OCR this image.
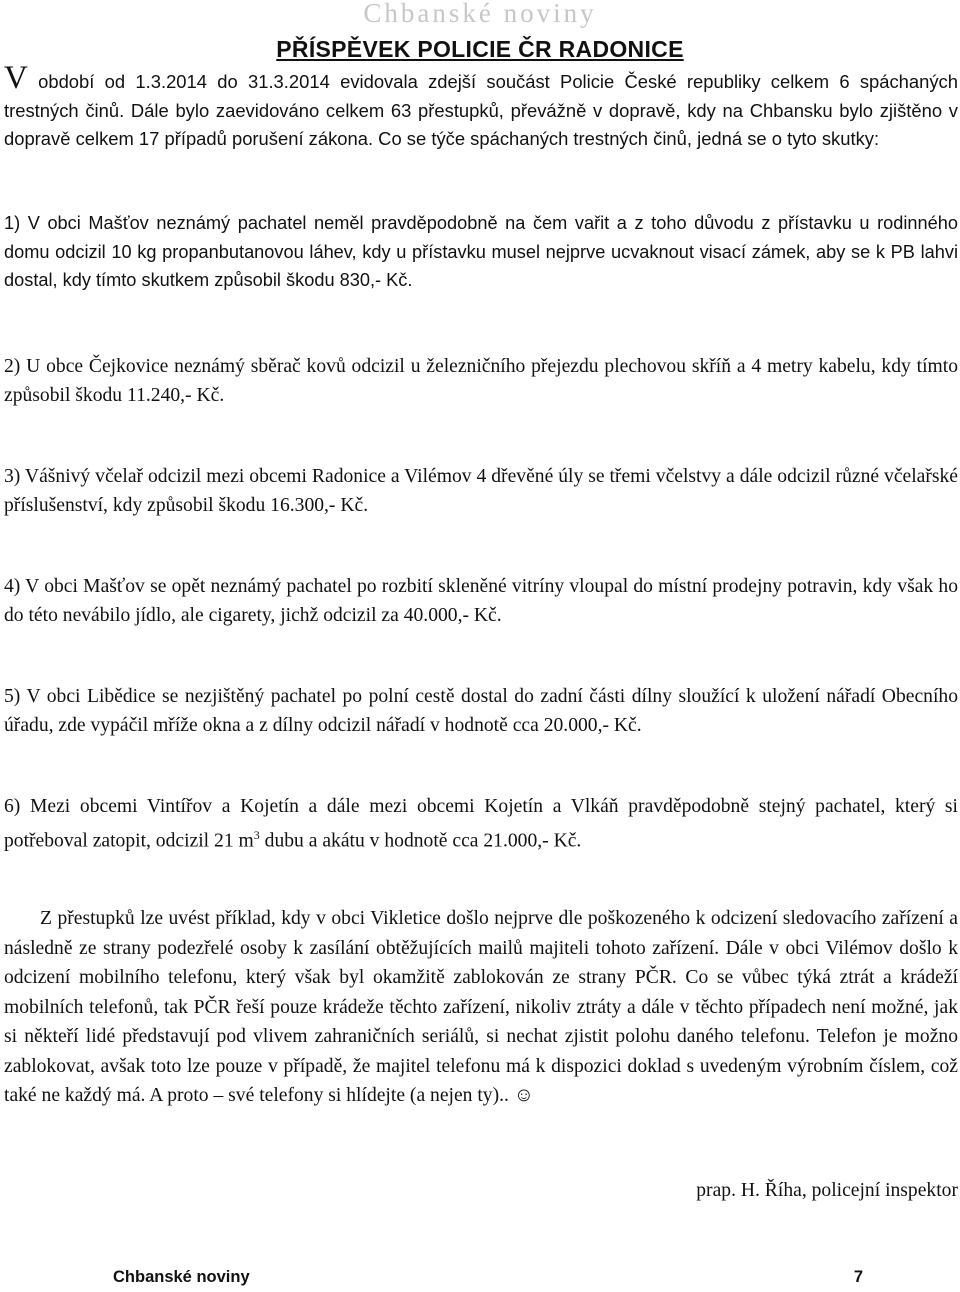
Chbanské noviny
PŘÍSPĚVEK POLICIE ČR RADONICE

V období od 1.3.2014 do 31.3.2014 evidovala zdejší součást Policie České republiky celkem 6 spáchaných trestných činů. Dále bylo zaevidováno celkem 63 přestupků, převážně v dopravě, kdy na Chbansku bylo zjištěno v dopravě celkem 17 případů porušení zákona. Co se týče spáchaných trestných činů, jedná se o tyto skutky:

1) V obci Mašťov neznámý pachatel neměl pravděpodobně na čem vařit a z toho důvodu z přístavku u rodinného domu odcizil 10 kg propanbutanovou láhev, kdy u přístavku musel nejprve ucvaknout visací zámek, aby se k PB lahvi dostal, kdy tímto skutkem způsobil škodu 830,- Kč.

2) U obce Čejkovice neznámý sběrač kovů odcizil u železničního přejezdu plechovou skříň a 4 metry kabelu, kdy tímto způsobil škodu 11.240,- Kč.

3) Vášnivý včelař odcizil mezi obcemi Radonice a Vilémov 4 dřevěné úly se třemi včelstvy a dále odcizil různé včelařské příslušenství, kdy způsobil škodu 16.300,- Kč.

4) V obci Mašťov se opět neznámý pachatel po rozbití skleněné vitríny vloupal do místní prodejny potravin, kdy však ho do této nevábilo jídlo, ale cigarety, jichž odcizil za 40.000,- Kč.

5) V obci Libědice se nezjištěný pachatel po polní cestě dostal do zadní části dílny sloužící k uložení nářadí Obecního úřadu, zde vypáčil mříže okna a z dílny odcizil nářadí v hodnotě cca 20.000,- Kč.

6) Mezi obcemi Vintířov a Kojetín a dále mezi obcemi Kojetín a Vlkáň pravděpodobně stejný pachatel, který si potřeboval zatopit, odcizil 21 $m^3$ dubu a akátu v hodnotě cca 21.000,- Kč.

Z přestupků lze uvést příklad, kdy v obci Vikletice došlo nejprve dle poškozeného k odcizení sledovacího zařízení a následně ze strany podezřelé osoby k zasílání obtěžujících mailů majiteli tohoto zařízení. Dále v obci Vilémov došlo k odcizení mobilního telefonu, který však byl okamžitě zablokován ze strany PČR. Co se vůbec týká ztrát a krádeží mobilních telefonů, tak PČR řeší pouze krádeže těchto zařízení, nikoliv ztráty a dále v těchto případech není možné, jak si někteří lidé představují pod vlivem zahraničních seriálů, si nechat zjistit polohu daného telefonu. Telefon je možno zablokovat, avšak toto lze pouze v případě, že majitel telefonu má k dispozici doklad s uvedeným výrobním číslem, což také ne každý má. A proto – své telefony si hlídejte (a nejen ty).. ☺

prap. H. Říha, policejní inspektor
Chbanské noviny	7
